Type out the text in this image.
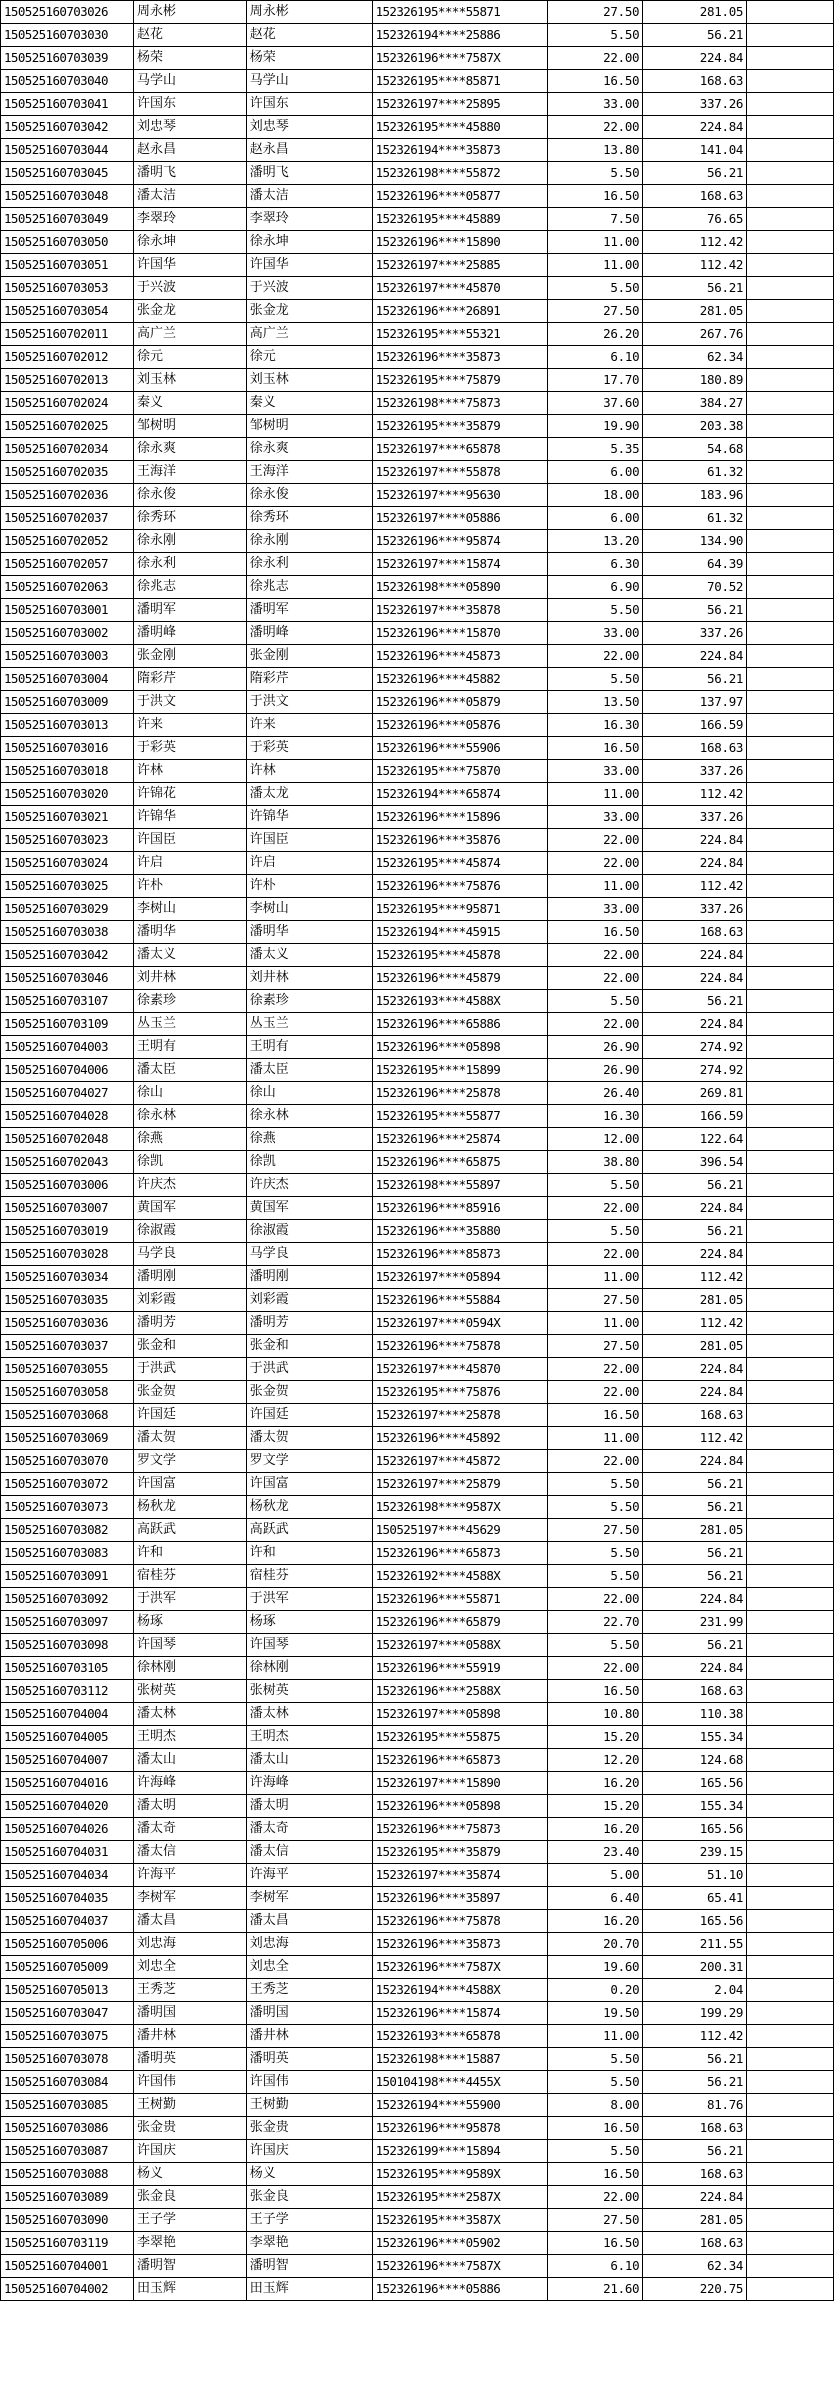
150525160703026	周永彬	周永彬	152326195****55871	27.50	281.05	
150525160703030	赵花	赵花	152326194****25886	5.50	56.21	
150525160703039	杨荣	杨荣	152326196****7587X	22.00	224.84	
150525160703040	马学山	马学山	152326195****85871	16.50	168.63	
150525160703041	许国东	许国东	152326197****25895	33.00	337.26	
150525160703042	刘忠琴	刘忠琴	152326195****45880	22.00	224.84	
150525160703044	赵永昌	赵永昌	152326194****35873	13.80	141.04	
150525160703045	潘明飞	潘明飞	152326198****55872	5.50	56.21	
150525160703048	潘太洁	潘太洁	152326196****05877	16.50	168.63	
150525160703049	李翠玲	李翠玲	152326195****45889	7.50	76.65	
150525160703050	徐永坤	徐永坤	152326196****15890	11.00	112.42	
150525160703051	许国华	许国华	152326197****25885	11.00	112.42	
150525160703053	于兴波	于兴波	152326197****45870	5.50	56.21	
150525160703054	张金龙	张金龙	152326196****26891	27.50	281.05	
150525160702011	高广兰	高广兰	152326195****55321	26.20	267.76	
150525160702012	徐元	徐元	152326196****35873	6.10	62.34	
150525160702013	刘玉林	刘玉林	152326195****75879	17.70	180.89	
150525160702024	秦义	秦义	152326198****75873	37.60	384.27	
150525160702025	邹树明	邹树明	152326195****35879	19.90	203.38	
150525160702034	徐永爽	徐永爽	152326197****65878	5.35	54.68	
150525160702035	王海洋	王海洋	152326197****55878	6.00	61.32	
150525160702036	徐永俊	徐永俊	152326197****95630	18.00	183.96	
150525160702037	徐秀环	徐秀环	152326197****05886	6.00	61.32	
150525160702052	徐永刚	徐永刚	152326196****95874	13.20	134.90	
150525160702057	徐永利	徐永利	152326197****15874	6.30	64.39	
150525160702063	徐兆志	徐兆志	152326198****05890	6.90	70.52	
150525160703001	潘明军	潘明军	152326197****35878	5.50	56.21	
150525160703002	潘明峰	潘明峰	152326196****15870	33.00	337.26	
150525160703003	张金刚	张金刚	152326196****45873	22.00	224.84	
150525160703004	隋彩芹	隋彩芹	152326196****45882	5.50	56.21	
150525160703009	于洪文	于洪文	152326196****05879	13.50	137.97	
150525160703013	许来	许来	152326196****05876	16.30	166.59	
150525160703016	于彩英	于彩英	152326196****55906	16.50	168.63	
150525160703018	许林	许林	152326195****75870	33.00	337.26	
150525160703020	许锦花	潘太龙	152326194****65874	11.00	112.42	
150525160703021	许锦华	许锦华	152326196****15896	33.00	337.26	
150525160703023	许国臣	许国臣	152326196****35876	22.00	224.84	
150525160703024	许启	许启	152326195****45874	22.00	224.84	
150525160703025	许朴	许朴	152326196****75876	11.00	112.42	
150525160703029	李树山	李树山	152326195****95871	33.00	337.26	
150525160703038	潘明华	潘明华	152326194****45915	16.50	168.63	
150525160703042	潘太义	潘太义	152326195****45878	22.00	224.84	
150525160703046	刘井林	刘井林	152326196****45879	22.00	224.84	
150525160703107	徐素珍	徐素珍	152326193****4588X	5.50	56.21	
150525160703109	丛玉兰	丛玉兰	152326196****65886	22.00	224.84	
150525160704003	王明有	王明有	152326196****05898	26.90	274.92	
150525160704006	潘太臣	潘太臣	152326195****15899	26.90	274.92	
150525160704027	徐山	徐山	152326196****25878	26.40	269.81	
150525160704028	徐永林	徐永林	152326195****55877	16.30	166.59	
150525160702048	徐燕	徐燕	152326196****25874	12.00	122.64	
150525160702043	徐凯	徐凯	152326196****65875	38.80	396.54	
150525160703006	许庆杰	许庆杰	152326198****55897	5.50	56.21	
150525160703007	黄国军	黄国军	152326196****85916	22.00	224.84	
150525160703019	徐淑霞	徐淑霞	152326196****35880	5.50	56.21	
150525160703028	马学良	马学良	152326196****85873	22.00	224.84	
150525160703034	潘明刚	潘明刚	152326197****05894	11.00	112.42	
150525160703035	刘彩霞	刘彩霞	152326196****55884	27.50	281.05	
150525160703036	潘明芳	潘明芳	152326197****0594X	11.00	112.42	
150525160703037	张金和	张金和	152326196****75878	27.50	281.05	
150525160703055	于洪武	于洪武	152326197****45870	22.00	224.84	
150525160703058	张金贺	张金贺	152326195****75876	22.00	224.84	
150525160703068	许国廷	许国廷	152326197****25878	16.50	168.63	
150525160703069	潘太贺	潘太贺	152326196****45892	11.00	112.42	
150525160703070	罗文学	罗文学	152326197****45872	22.00	224.84	
150525160703072	许国富	许国富	152326197****25879	5.50	56.21	
150525160703073	杨秋龙	杨秋龙	152326198****9587X	5.50	56.21	
150525160703082	高跃武	高跃武	150525197****45629	27.50	281.05	
150525160703083	许和	许和	152326196****65873	5.50	56.21	
150525160703091	宿桂芬	宿桂芬	152326192****4588X	5.50	56.21	
150525160703092	于洪军	于洪军	152326196****55871	22.00	224.84	
150525160703097	杨琢	杨琢	152326196****65879	22.70	231.99	
150525160703098	许国琴	许国琴	152326197****0588X	5.50	56.21	
150525160703105	徐林刚	徐林刚	152326196****55919	22.00	224.84	
150525160703112	张树英	张树英	152326196****2588X	16.50	168.63	
150525160704004	潘太林	潘太林	152326197****05898	10.80	110.38	
150525160704005	王明杰	王明杰	152326195****55875	15.20	155.34	
150525160704007	潘太山	潘太山	152326196****65873	12.20	124.68	
150525160704016	许海峰	许海峰	152326197****15890	16.20	165.56	
150525160704020	潘太明	潘太明	152326196****05898	15.20	155.34	
150525160704026	潘太奇	潘太奇	152326196****75873	16.20	165.56	
150525160704031	潘太信	潘太信	152326195****35879	23.40	239.15	
150525160704034	许海平	许海平	152326197****35874	5.00	51.10	
150525160704035	李树军	李树军	152326196****35897	6.40	65.41	
150525160704037	潘太昌	潘太昌	152326196****75878	16.20	165.56	
150525160705006	刘忠海	刘忠海	152326196****35873	20.70	211.55	
150525160705009	刘忠全	刘忠全	152326196****7587X	19.60	200.31	
150525160705013	王秀芝	王秀芝	152326194****4588X	0.20	2.04	
150525160703047	潘明国	潘明国	152326196****15874	19.50	199.29	
150525160703075	潘井林	潘井林	152326193****65878	11.00	112.42	
150525160703078	潘明英	潘明英	152326198****15887	5.50	56.21	
150525160703084	许国伟	许国伟	150104198****4455X	5.50	56.21	
150525160703085	王树勤	王树勤	152326194****55900	8.00	81.76	
150525160703086	张金贵	张金贵	152326196****95878	16.50	168.63	
150525160703087	许国庆	许国庆	152326199****15894	5.50	56.21	
150525160703088	杨义	杨义	152326195****9589X	16.50	168.63	
150525160703089	张金良	张金良	152326195****2587X	22.00	224.84	
150525160703090	王子学	王子学	152326195****3587X	27.50	281.05	
150525160703119	李翠艳	李翠艳	152326196****05902	16.50	168.63	
150525160704001	潘明智	潘明智	152326196****7587X	6.10	62.34	
150525160704002	田玉辉	田玉辉	152326196****05886	21.60	220.75	
